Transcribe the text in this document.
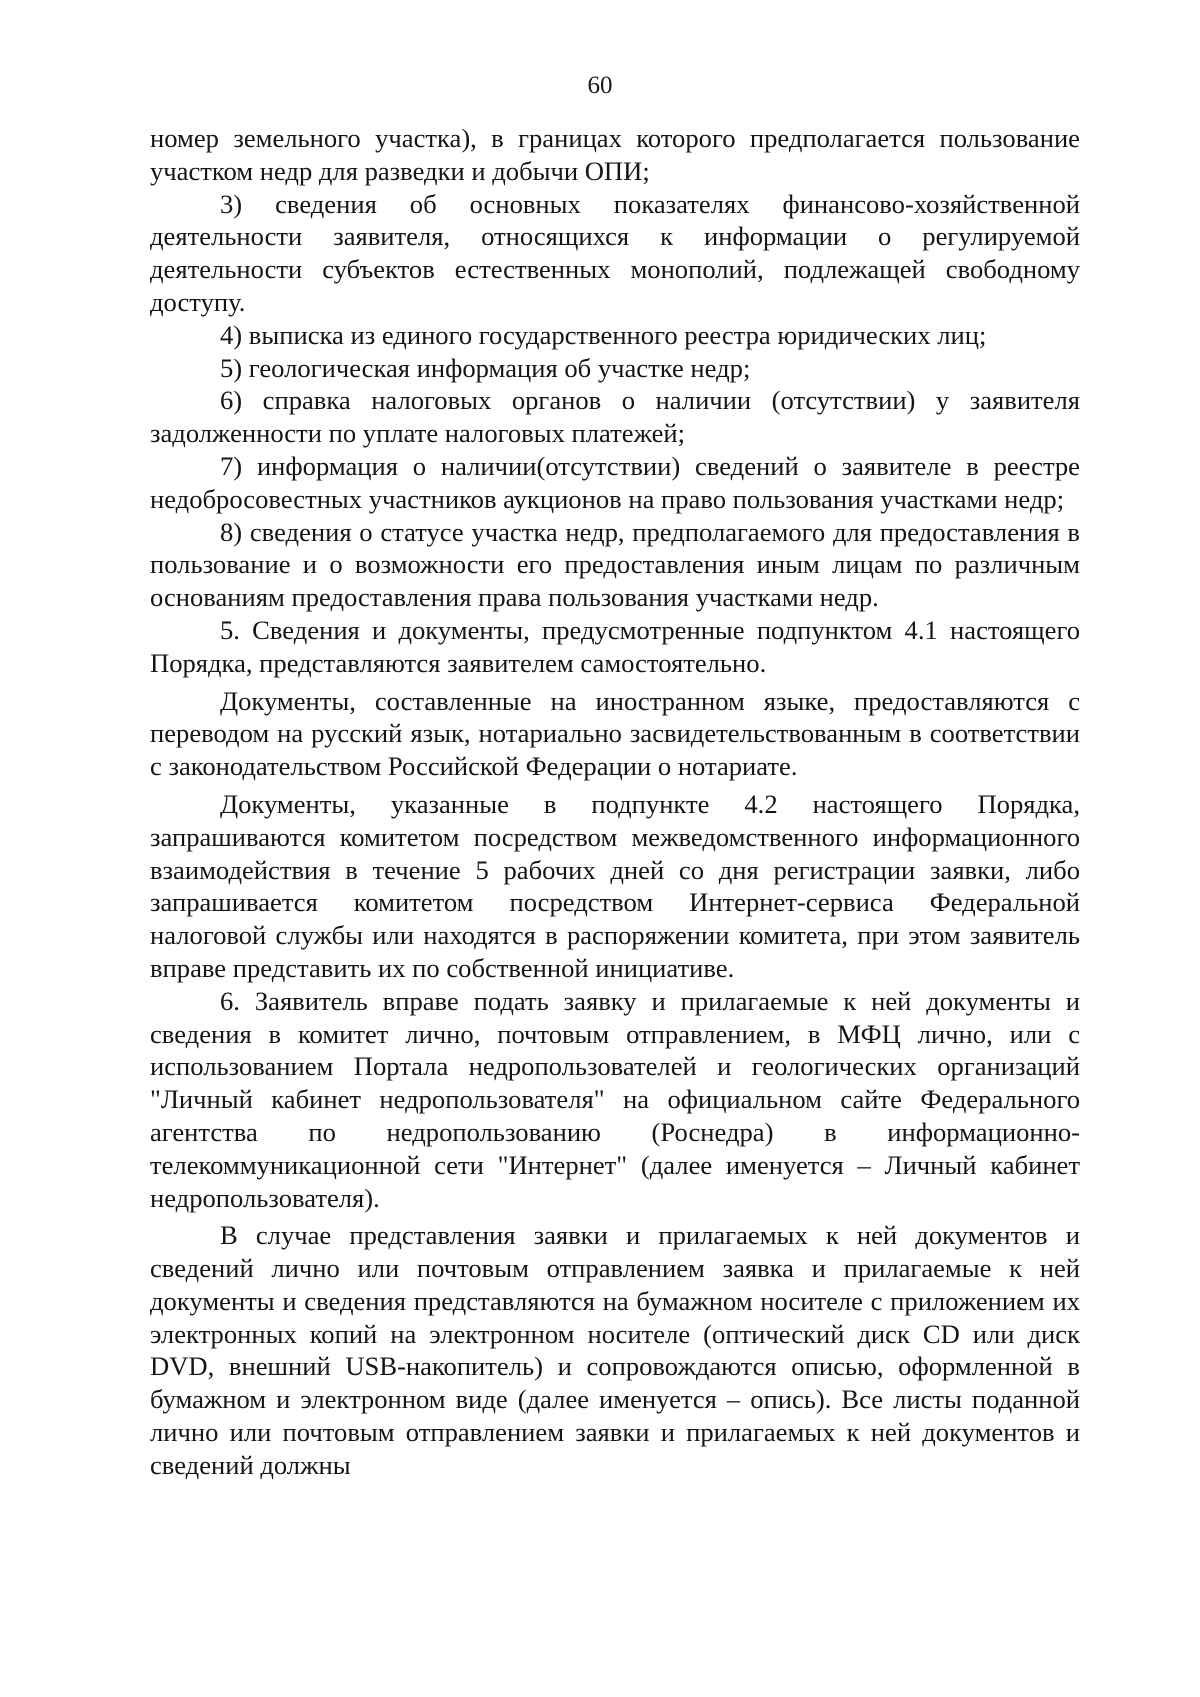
60

номер земельного участка), в границах которого предполагается пользование участком недр для разведки и добычи ОПИ;

3) сведения об основных показателях финансово-хозяйственной деятельности заявителя, относящихся к информации о регулируемой деятельности субъектов естественных монополий, подлежащей свободному доступу.

4) выписка из единого государственного реестра юридических лиц;

5) геологическая информация об участке недр;

6) справка налоговых органов о наличии (отсутствии) у заявителя задолженности по уплате налоговых платежей;

7) информация о наличии(отсутствии) сведений о заявителе в реестре недобросовестных участников аукционов на право пользования участками недр;

8) сведения о статусе участка недр, предполагаемого для предоставления в пользование и о возможности его предоставления иным лицам по различным основаниям предоставления права пользования участками недр.

5. Сведения и документы, предусмотренные подпунктом 4.1 настоящего Порядка, представляются заявителем самостоятельно.

Документы, составленные на иностранном языке, предоставляются с переводом на русский язык, нотариально засвидетельствованным в соответствии с законодательством Российской Федерации о нотариате.

Документы, указанные в подпункте 4.2 настоящего Порядка, запрашиваются комитетом посредством межведомственного информационного взаимодействия в течение 5 рабочих дней со дня регистрации заявки, либо запрашивается комитетом посредством Интернет-сервиса Федеральной налоговой службы или находятся в распоряжении комитета, при этом заявитель вправе представить их по собственной инициативе.

6. Заявитель вправе подать заявку и прилагаемые к ней документы и сведения в комитет лично, почтовым отправлением, в МФЦ лично, или с использованием Портала недропользователей и геологических организаций "Личный кабинет недропользователя" на официальном сайте Федерального агентства по недропользованию (Роснедра) в информационно-телекоммуникационной сети "Интернет" (далее именуется – Личный кабинет недропользователя).

В случае представления заявки и прилагаемых к ней документов и сведений лично или почтовым отправлением заявка и прилагаемые к ней документы и сведения представляются на бумажном носителе с приложением их электронных копий на электронном носителе (оптический диск CD или диск DVD, внешний USB-накопитель) и сопровождаются описью, оформленной в бумажном и электронном виде (далее именуется – опись). Все листы поданной лично или почтовым отправлением заявки и прилагаемых к ней документов и сведений должны
